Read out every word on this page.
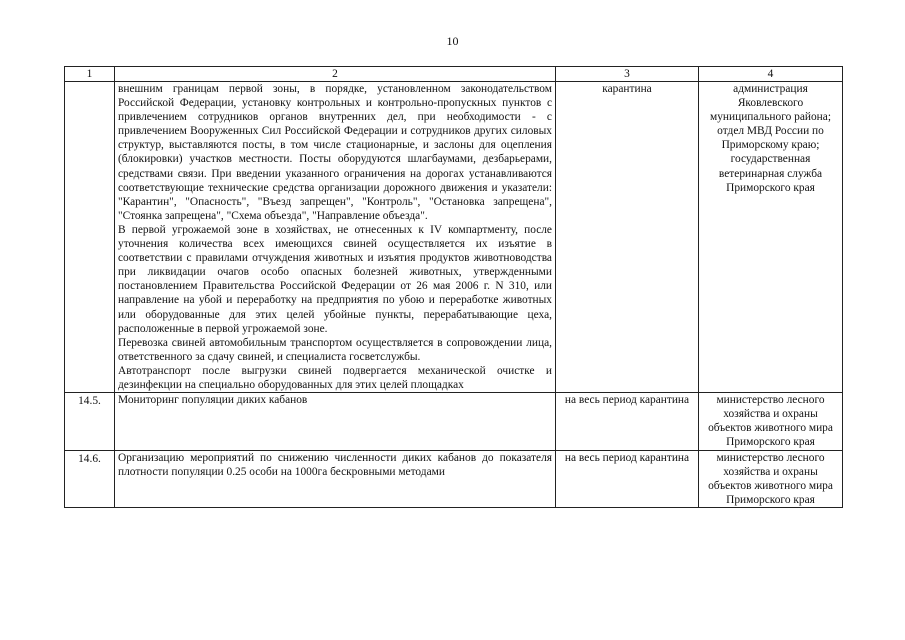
10
1	2	3	4

	внешним границам первой зоны, в порядке, установленном законодательством Российской Федерации, установку контрольных и контрольно-пропускных пунктов с привлечением сотрудников органов внутренних дел, при необходимости - с привлечением Вооруженных Сил Российской Федерации и сотрудников других силовых структур, выставляются посты, в том числе стационарные, и заслоны для оцепления (блокировки) участков местности. Посты оборудуются шлагбаумами, дезбарьерами, средствами связи. При введении указанного ограничения на дорогах устанавливаются соответствующие технические средства организации дорожного движения и указатели: "Карантин", "Опасность", "Въезд запрещен", "Контроль", "Остановка запрещена", "Стоянка запрещена", "Схема объезда", "Направление объезда".

В первой угрожаемой зоне в хозяйствах, не отнесенных к IV компартменту, после уточнения количества всех имеющихся свиней осуществляется их изъятие в соответствии с правилами отчуждения животных и изъятия продуктов животноводства при ликвидации очагов особо опасных болезней животных, утвержденными постановлением Правительства Российской Федерации от 26 мая 2006 г. N 310, или направление на убой и переработку на предприятия по убою и переработке животных или оборудованные для этих целей убойные пункты, перерабатывающие цеха, расположенные в первой угрожаемой зоне.

Перевозка свиней автомобильным транспортом осуществляется в сопровождении лица, ответственного за сдачу свиней, и специалиста госветслужбы.

Автотранспорт после выгрузки свиней подвергается механической очистке и дезинфекции на специально оборудованных для этих целей площадках	карантина	администрация Яковлевского муниципального района; отдел МВД России по Приморскому краю; государственная ветеринарная служба Приморского края
14.5.	Мониторинг популяции диких кабанов	на весь период карантина	министерство лесного хозяйства и охраны объектов животного мира Приморского края
14.6.	Организацию мероприятий по снижению численности диких кабанов до показателя плотности популяции 0.25 особи на 1000га бескровными методами	на весь период карантина	министерство лесного хозяйства и охраны объектов животного мира Приморского края
